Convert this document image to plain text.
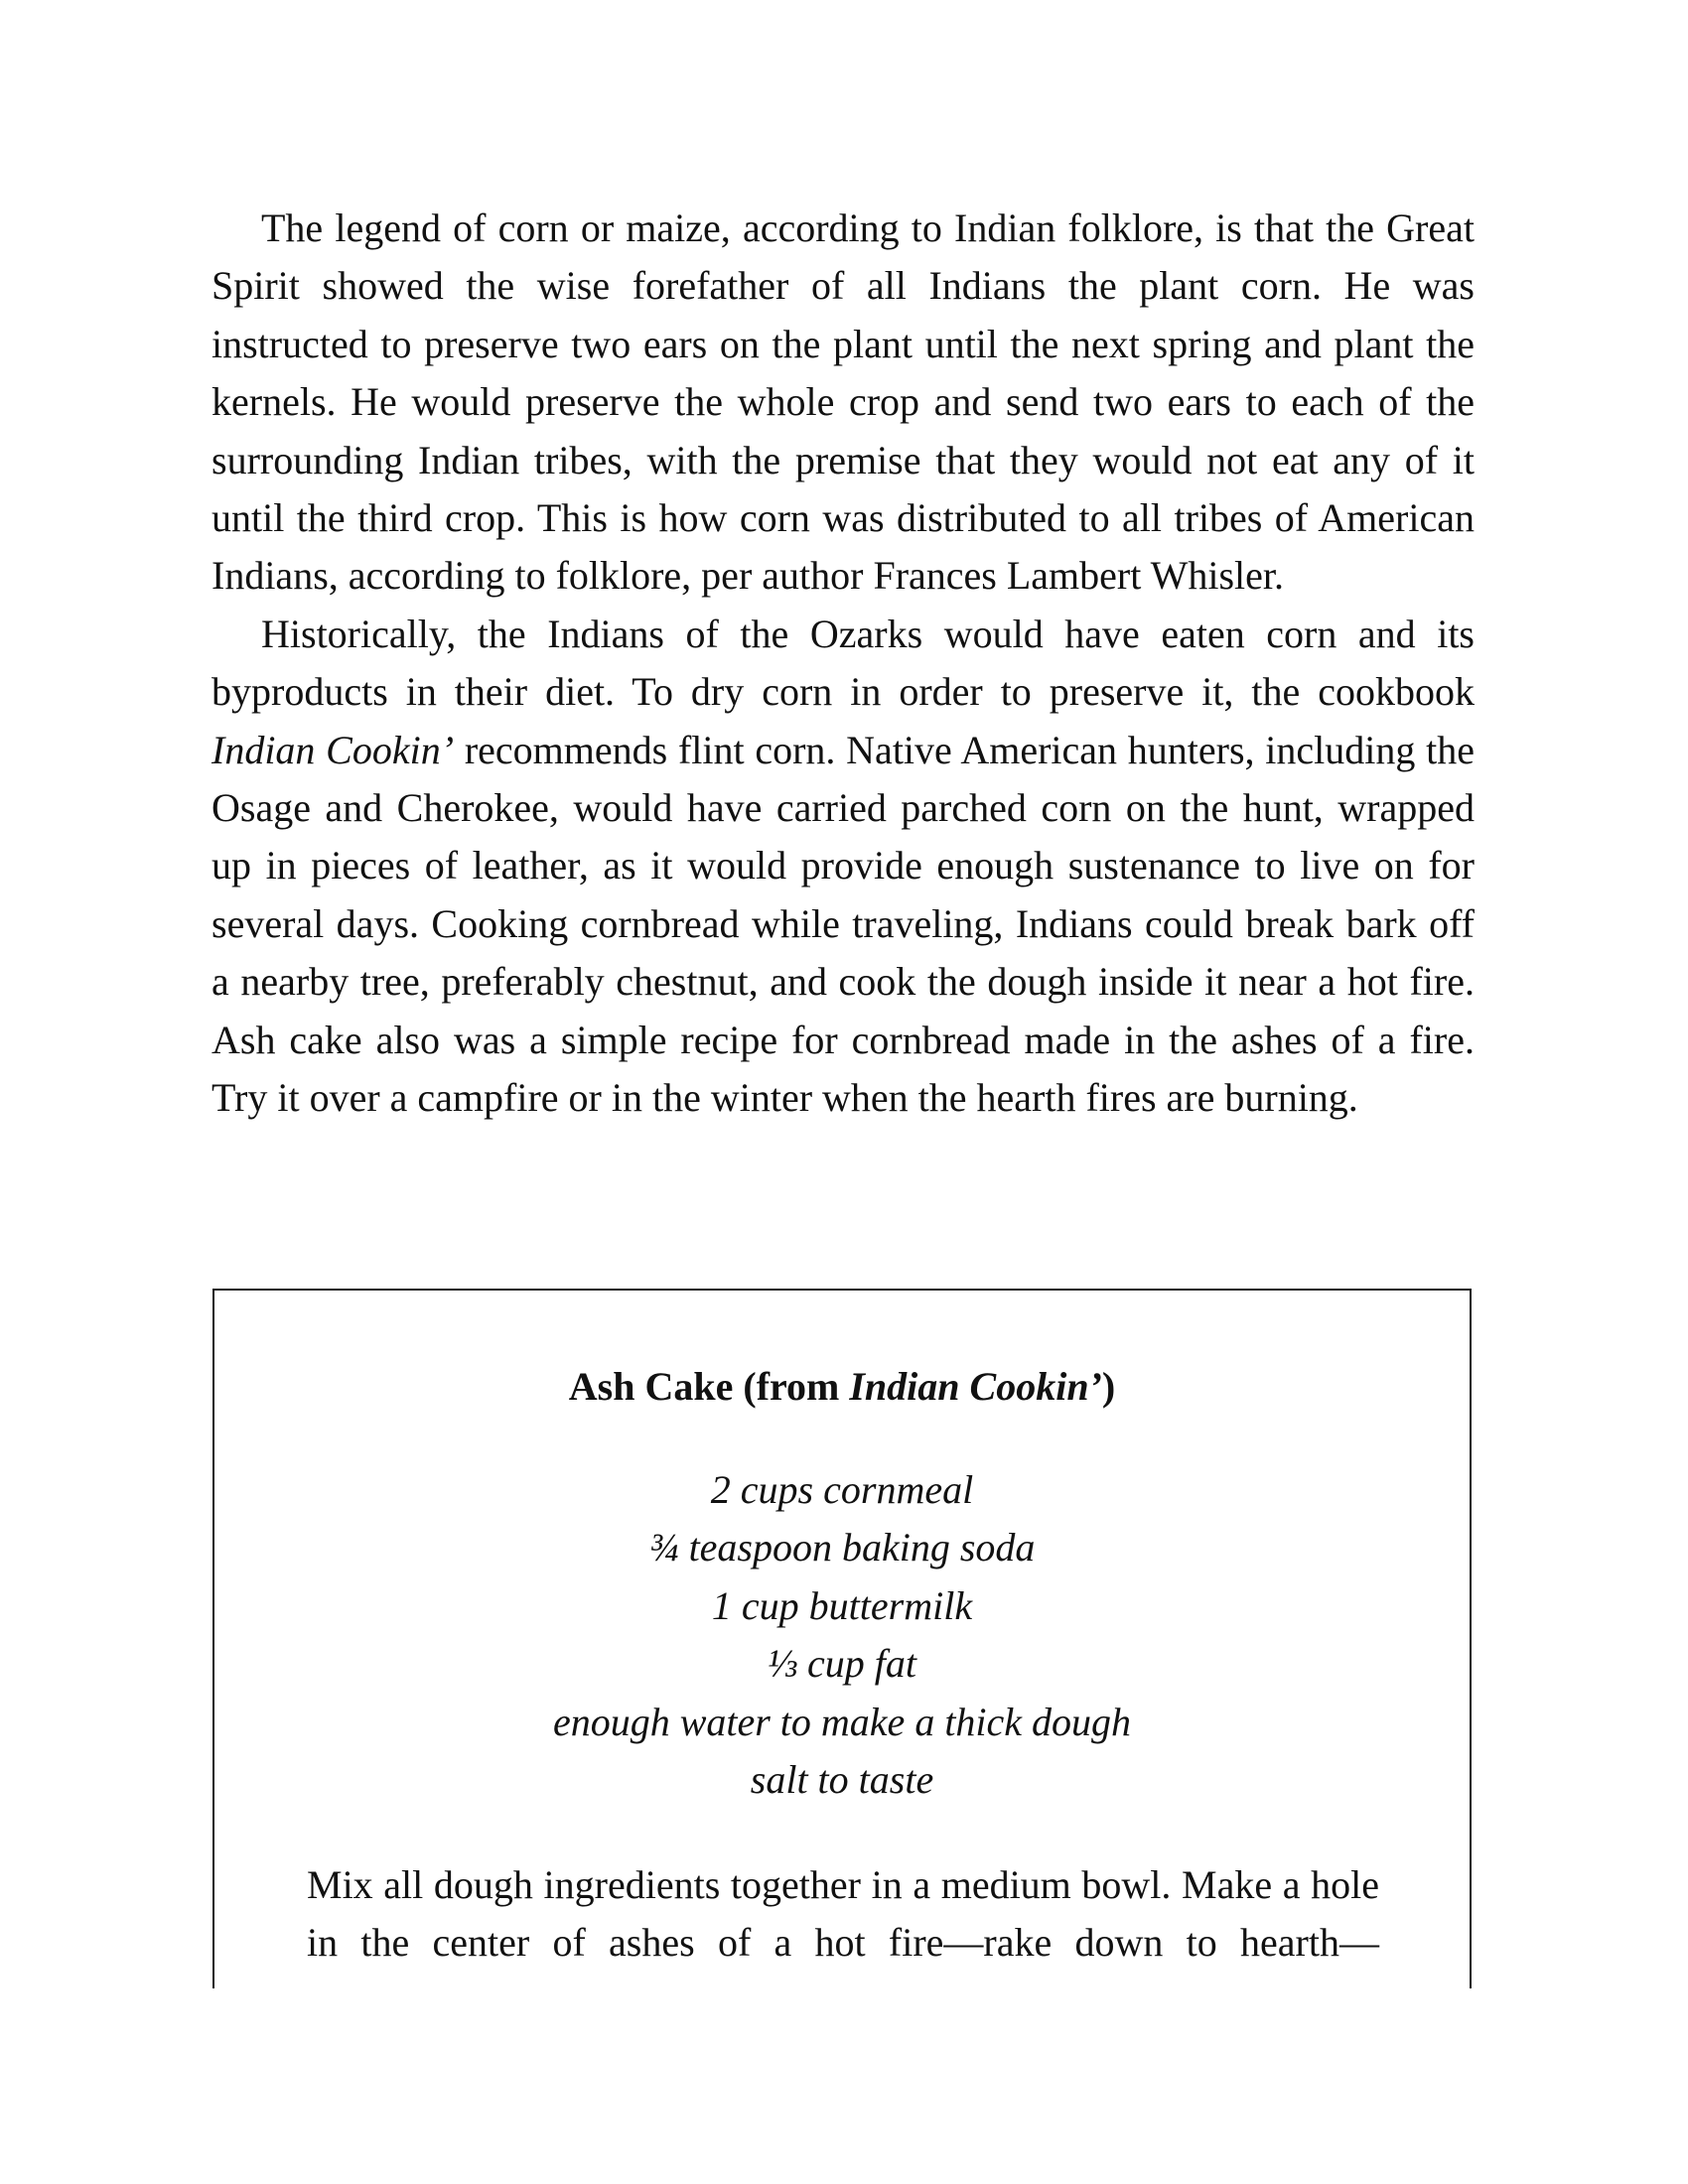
The legend of corn or maize, according to Indian folklore, is that the Great Spirit showed the wise forefather of all Indians the plant corn. He was instructed to preserve two ears on the plant until the next spring and plant the kernels. He would preserve the whole crop and send two ears to each of the surrounding Indian tribes, with the premise that they would not eat any of it until the third crop. This is how corn was distributed to all tribes of American Indians, according to folklore, per author Frances Lambert Whisler.

Historically, the Indians of the Ozarks would have eaten corn and its byproducts in their diet. To dry corn in order to preserve it, the cookbook Indian Cookin’ recommends flint corn. Native American hunters, including the Osage and Cherokee, would have carried parched corn on the hunt, wrapped up in pieces of leather, as it would provide enough sustenance to live on for several days. Cooking cornbread while traveling, Indians could break bark off a nearby tree, preferably chestnut, and cook the dough inside it near a hot fire. Ash cake also was a simple recipe for cornbread made in the ashes of a fire. Try it over a campfire or in the winter when the hearth fires are burning.

Ash Cake (from Indian Cookin’)
2 cups cornmeal
¾ teaspoon baking soda
1 cup buttermilk
⅓ cup fat
enough water to make a thick dough
salt to taste

Mix all dough ingredients together in a medium bowl. Make a hole in the center of ashes of a hot fire—rake down to hearth—
